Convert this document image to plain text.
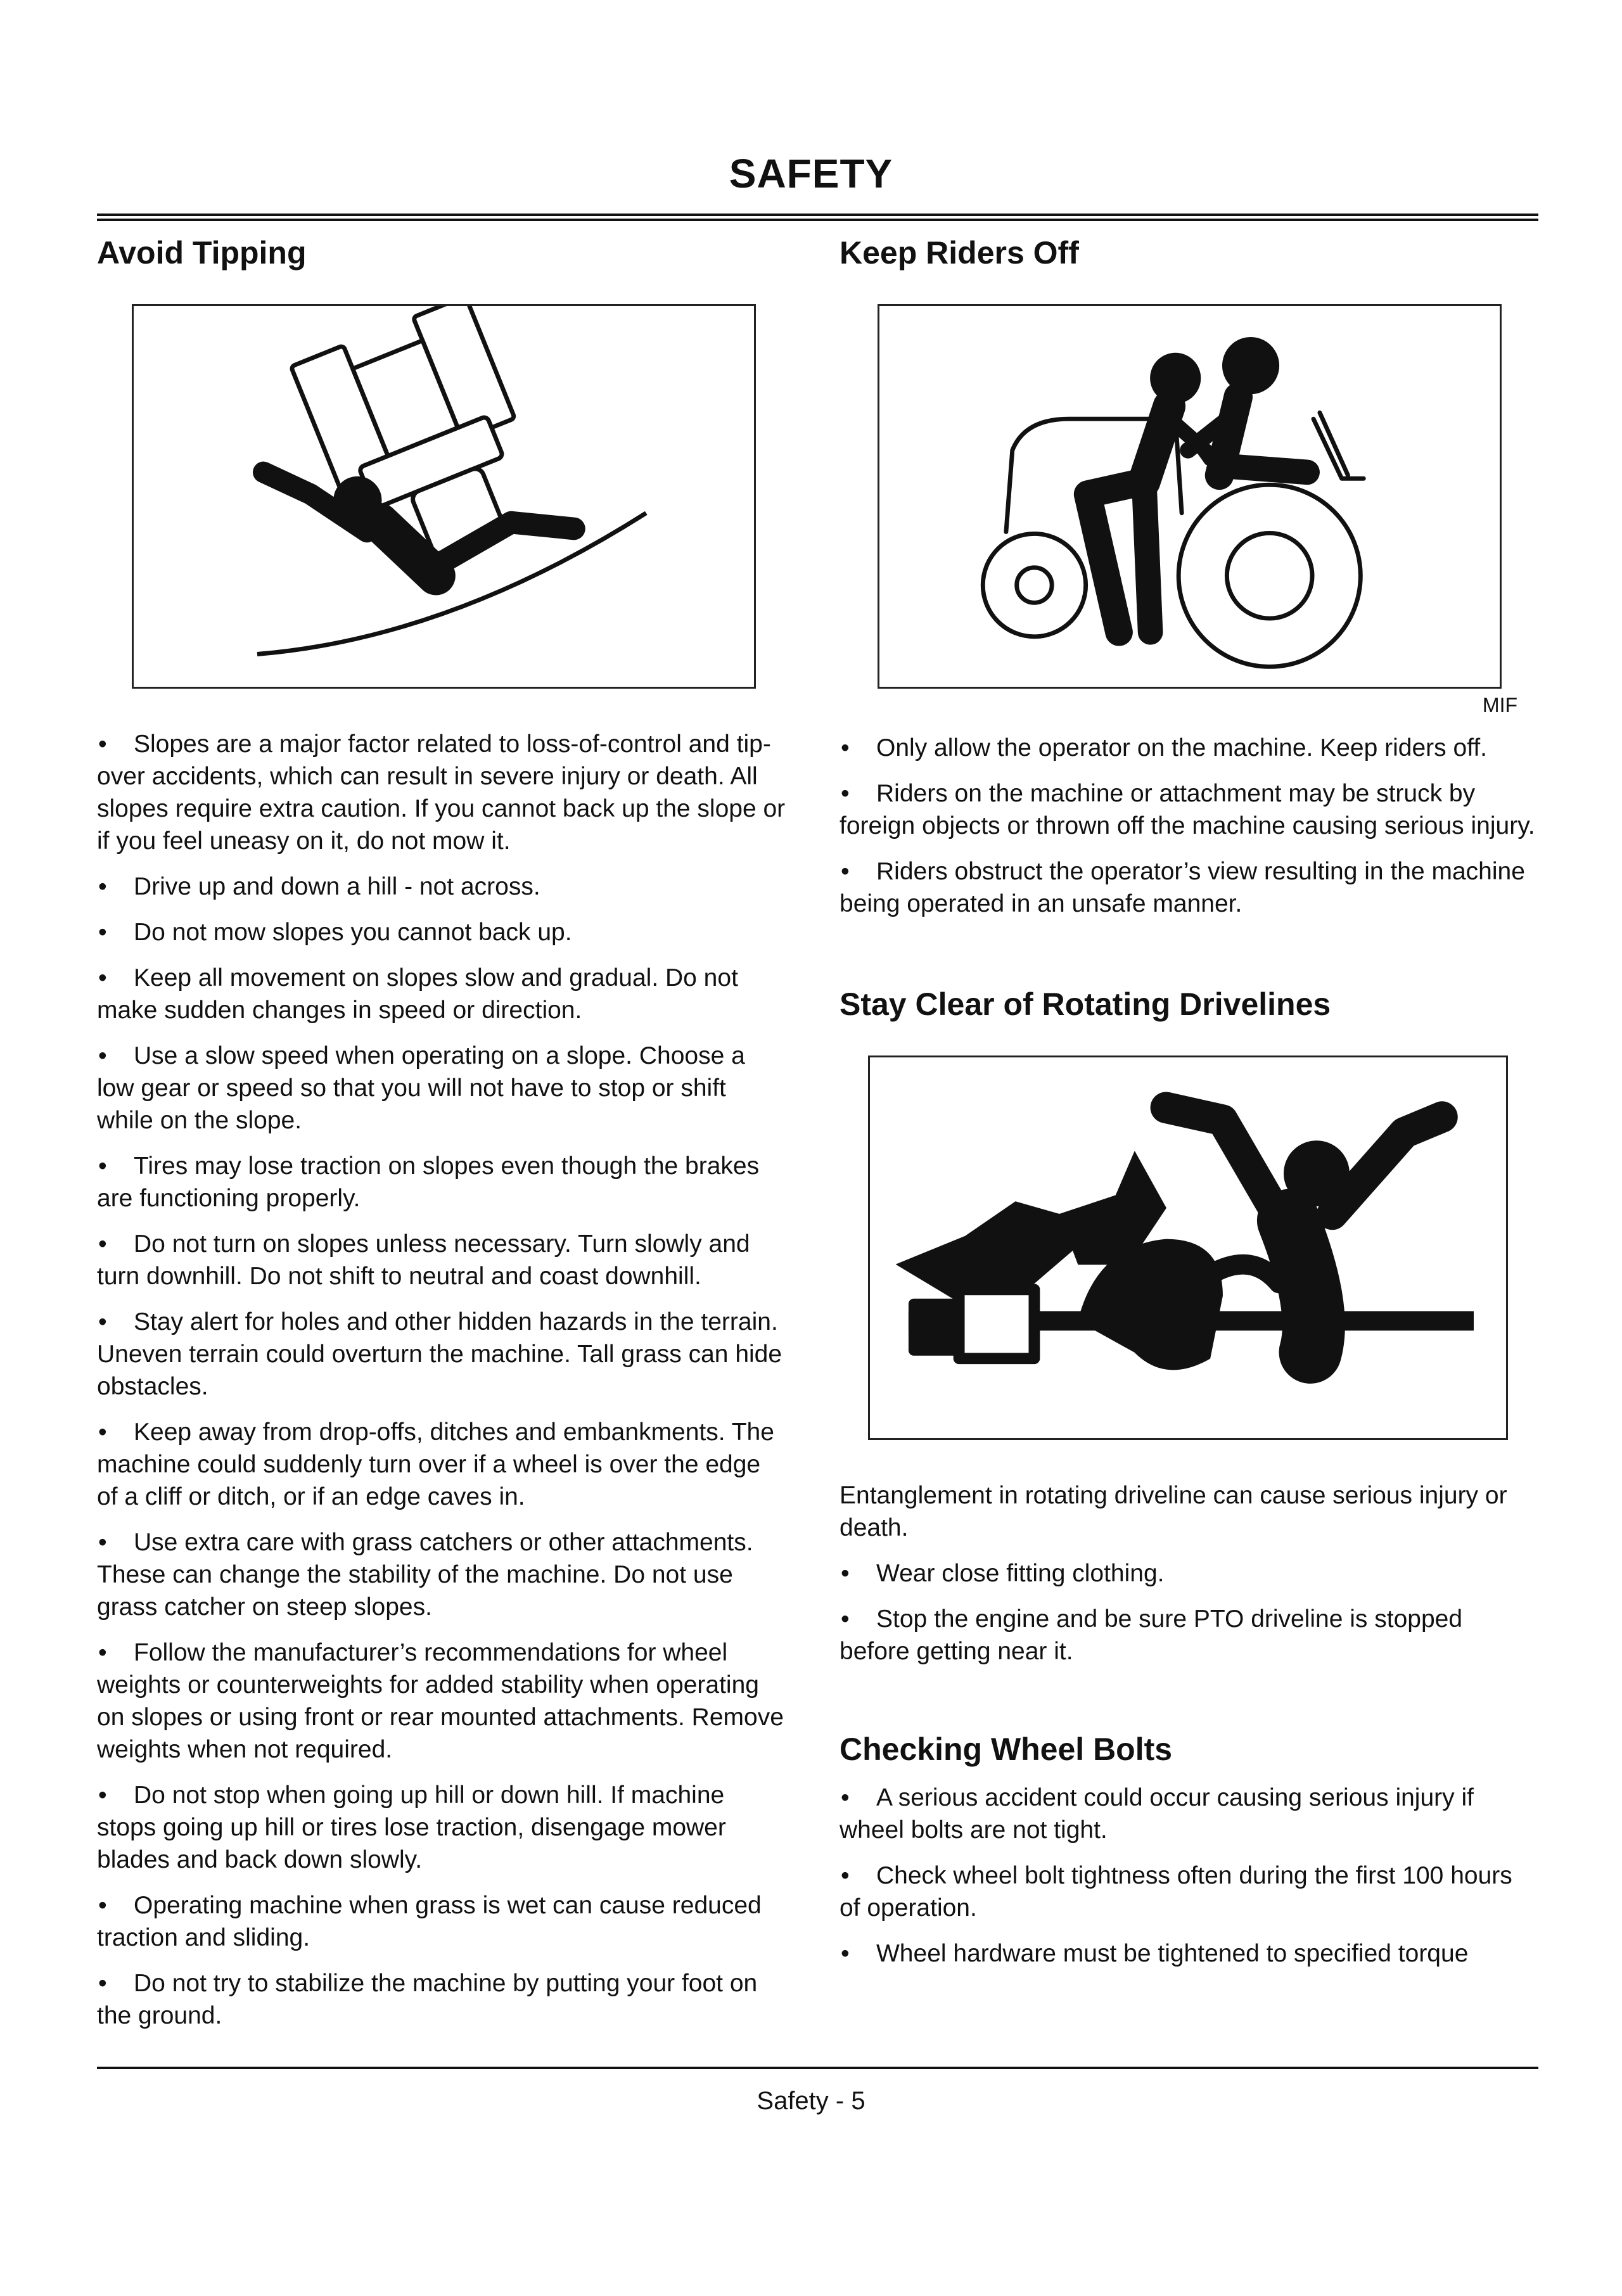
SAFETY
Avoid Tipping
• Slopes are a major factor related to loss-of-control and tip-over accidents, which can result in severe injury or death. All slopes require extra caution. If you cannot back up the slope or if you feel uneasy on it, do not mow it.
• Drive up and down a hill - not across.
• Do not mow slopes you cannot back up.
• Keep all movement on slopes slow and gradual. Do not make sudden changes in speed or direction.
• Use a slow speed when operating on a slope. Choose a low gear or speed so that you will not have to stop or shift while on the slope.
• Tires may lose traction on slopes even though the brakes are functioning properly.
• Do not turn on slopes unless necessary. Turn slowly and turn downhill. Do not shift to neutral and coast downhill.
• Stay alert for holes and other hidden hazards in the terrain. Uneven terrain could overturn the machine. Tall grass can hide obstacles.
• Keep away from drop-offs, ditches and embankments. The machine could suddenly turn over if a wheel is over the edge of a cliff or ditch, or if an edge caves in.
• Use extra care with grass catchers or other attachments. These can change the stability of the machine. Do not use grass catcher on steep slopes.
• Follow the manufacturer’s recommendations for wheel weights or counterweights for added stability when operating on slopes or using front or rear mounted attachments. Remove weights when not required.
• Do not stop when going up hill or down hill. If machine stops going up hill or tires lose traction, disengage mower blades and back down slowly.
• Operating machine when grass is wet can cause reduced traction and sliding.
• Do not try to stabilize the machine by putting your foot on the ground.
Keep Riders Off
MIF
• Only allow the operator on the machine. Keep riders off.
• Riders on the machine or attachment may be struck by foreign objects or thrown off the machine causing serious injury.
• Riders obstruct the operator’s view resulting in the machine being operated in an unsafe manner.
Stay Clear of Rotating Drivelines

Entanglement in rotating driveline can cause serious injury or death.

• Wear close fitting clothing.
• Stop the engine and be sure PTO driveline is stopped before getting near it.
Checking Wheel Bolts
• A serious accident could occur causing serious injury if wheel bolts are not tight.
• Check wheel bolt tightness often during the first 100 hours of operation.
• Wheel hardware must be tightened to specified torque
Safety - 5
